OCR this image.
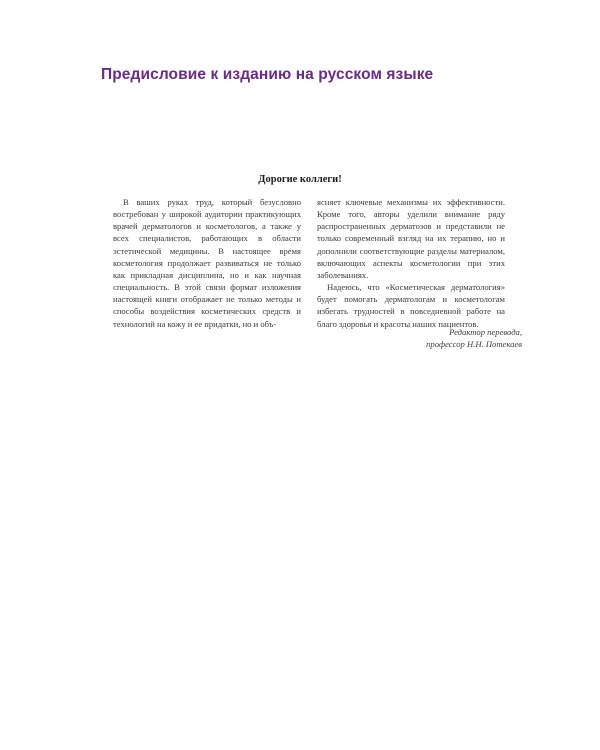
Предисловие к изданию на русском языке
Дорогие коллеги!

В ваших руках труд, который безусловно востребован у широкой аудитории практикующих врачей дерматологов и косметологов, а также у всех специалистов, работающих в области эстетической медицины. В настоящее время косметология продолжает развиваться не только как прикладная дисциплина, но и как научная специальность. В этой связи формат изложения настоящей книги отображает не только методы и способы воздействия косметических средств и технологий на кожу и ее придатки, но и объ-

ясняет ключевые механизмы их эффективности. Кроме того, авторы уделили внимание ряду распространенных дерматозов и представили не только современный взгляд на их терапию, но и дополнили соответствующие разделы материалом, включающих аспекты косметологии при этих заболеваниях.

Надеюсь, что «Косметическая дерматология» будет помогать дерматологам и косметологам избегать трудностей в повседневной работе на благо здоровья и красоты наших пациентов.

Редактор перевода,
профессор Н.Н. Потекаев
